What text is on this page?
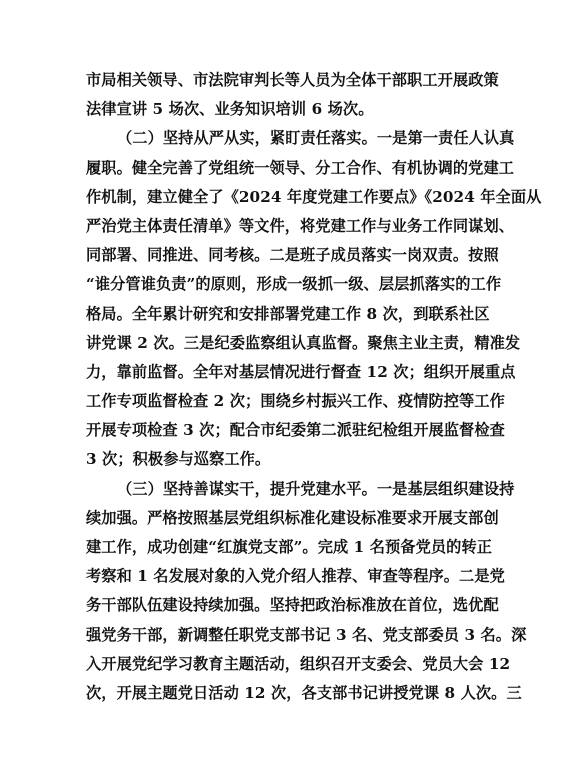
市局相关领导、市法院审判长等人员为全体干部职工开展政策
法律宣讲 5 场次、业务知识培训 6 场次。
（二）坚持从严从实，紧盯责任落实。一是第一责任人认真
履职。健全完善了党组统一领导、分工合作、有机协调的党建工
作机制，建立健全了《2024 年度党建工作要点》《2024 年全面从
严治党主体责任清单》等文件，将党建工作与业务工作同谋划、
同部署、同推进、同考核。二是班子成员落实一岗双责。按照
“谁分管谁负责”的原则，形成一级抓一级、层层抓落实的工作
格局。全年累计研究和安排部署党建工作 8 次，到联系社区
讲党课 2 次。三是纪委监察组认真监督。聚焦主业主责，精准发
力，靠前监督。全年对基层情况进行督查 12 次；组织开展重点
工作专项监督检查 2 次；围绕乡村振兴工作、疫情防控等工作
开展专项检查 3 次；配合市纪委第二派驻纪检组开展监督检查
3 次；积极参与巡察工作。
（三）坚持善谋实干，提升党建水平。一是基层组织建设持
续加强。严格按照基层党组织标准化建设标准要求开展支部创
建工作，成功创建“红旗党支部”。完成 1 名预备党员的转正
考察和 1 名发展对象的入党介绍人推荐、审查等程序。二是党
务干部队伍建设持续加强。坚持把政治标准放在首位，选优配
强党务干部，新调整任职党支部书记 3 名、党支部委员 3 名。深
入开展党纪学习教育主题活动，组织召开支委会、党员大会 12
次，开展主题党日活动 12 次，各支部书记讲授党课 8 人次。三
